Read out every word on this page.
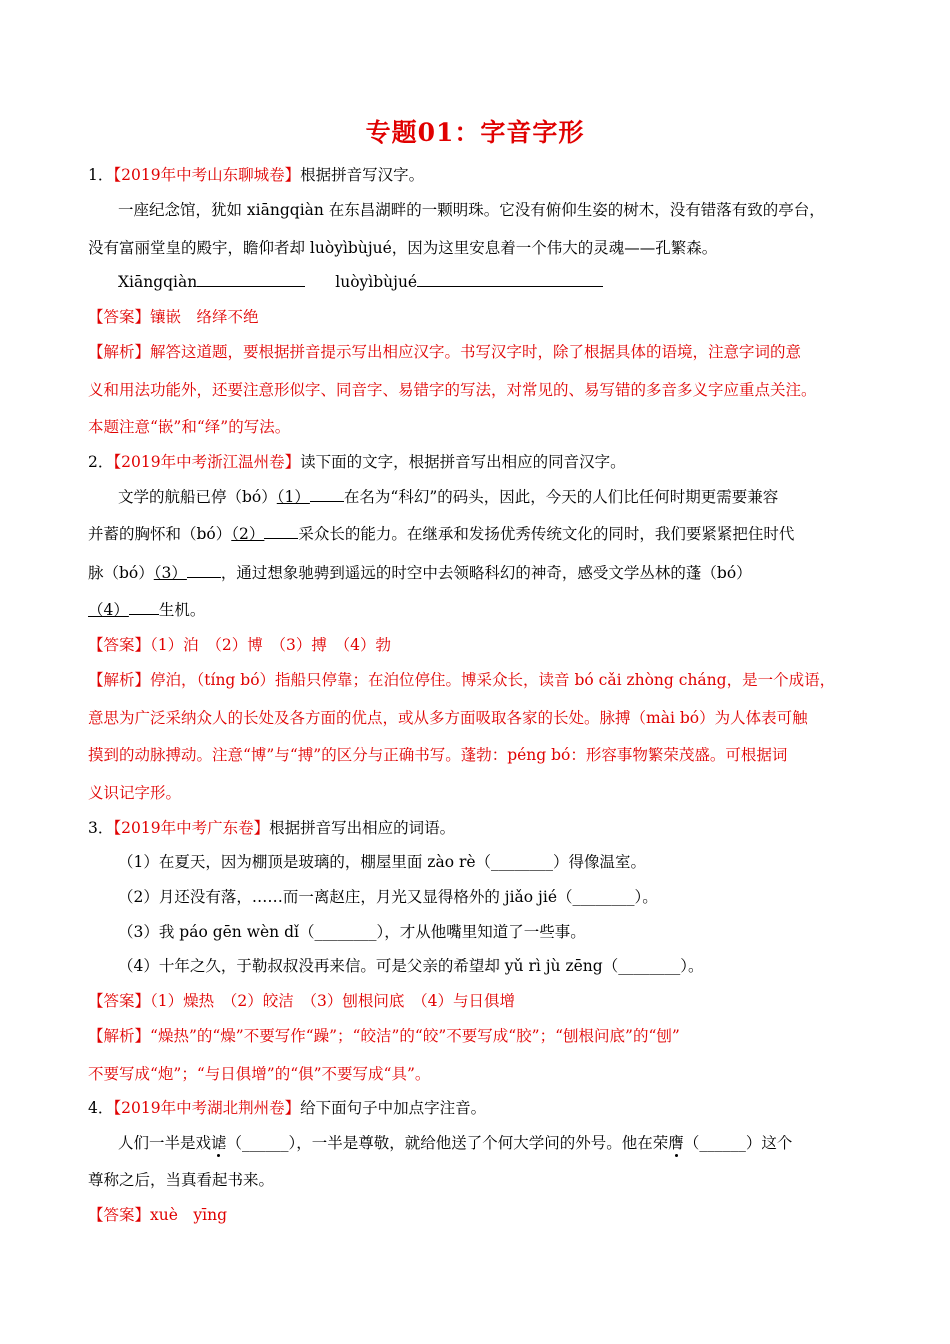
专题01：字音字形
1．【2019年中考山东聊城卷】根据拼音写汉字。
一座纪念馆，犹如 xiāngqiàn 在东昌湖畔的一颗明珠。它没有俯仰生姿的树木，没有错落有致的亭台，
没有富丽堂皇的殿宇，瞻仰者却 luòyìbùjué，因为这里安息着一个伟大的灵魂——孔繁森。
Xiāngqiàn	luòyìbùjué
【答案】镶嵌　络绎不绝
【解析】解答这道题，要根据拼音提示写出相应汉字。书写汉字时，除了根据具体的语境，注意字词的意
义和用法功能外，还要注意形似字、同音字、易错字的写法，对常见的、易写错的多音多义字应重点关注。
本题注意“嵌”和“绎”的写法。
2．【2019年中考浙江温州卷】读下面的文字，根据拼音写出相应的同音汉字。
文学的航船已停（bó）（1） 在名为“科幻”的码头，因此，今天的人们比任何时期更需要兼容
并蓄的胸怀和（bó）（2） 采众长的能力。在继承和发扬优秀传统文化的同时，我们要紧紧把住时代
脉（bó）（3） ，通过想象驰骋到遥远的时空中去领略科幻的神奇，感受文学丛林的蓬（bó）
（4） 生机。
【答案】（1）泊　（2）博　（3）搏　（4）勃
【解析】停泊，（tíng bó）指船只停靠；在泊位停住。博采众长，读音 bó cǎi zhòng cháng，是一个成语，
意思为广泛采纳众人的长处及各方面的优点，或从多方面吸取各家的长处。脉搏（mài bó）为人体表可触
摸到的动脉搏动。注意“博”与“搏”的区分与正确书写。蓬勃：péng bó：形容事物繁荣茂盛。可根据词
义识记字形。
3．【2019年中考广东卷】根据拼音写出相应的词语。
（1）在夏天，因为棚顶是玻璃的，棚屋里面 zào rè（________）得像温室。
（2）月还没有落，……而一离赵庄，月光又显得格外的 jiǎo jié（________）。
（3）我 páo gēn wèn dǐ（________），才从他嘴里知道了一些事。
（4）十年之久，于勒叔叔没再来信。可是父亲的希望却 yǔ rì jù zēng（________）。
【答案】（1）燥热　（2）皎洁　（3）刨根问底　（4）与日俱增
【解析】“燥热”的“燥”不要写作“躁”；“皎洁”的“皎”不要写成“胶”；“刨根问底”的“刨”
不要写成“炮”；“与日俱增”的“俱”不要写成“具”。
4．【2019年中考湖北荆州卷】给下面句子中加点字注音。
人们一半是戏谑（______），一半是尊敬，就给他送了个何大学问的外号。他在荣膺（______）这个
尊称之后，当真看起书来。
【答案】xuè　yīng
